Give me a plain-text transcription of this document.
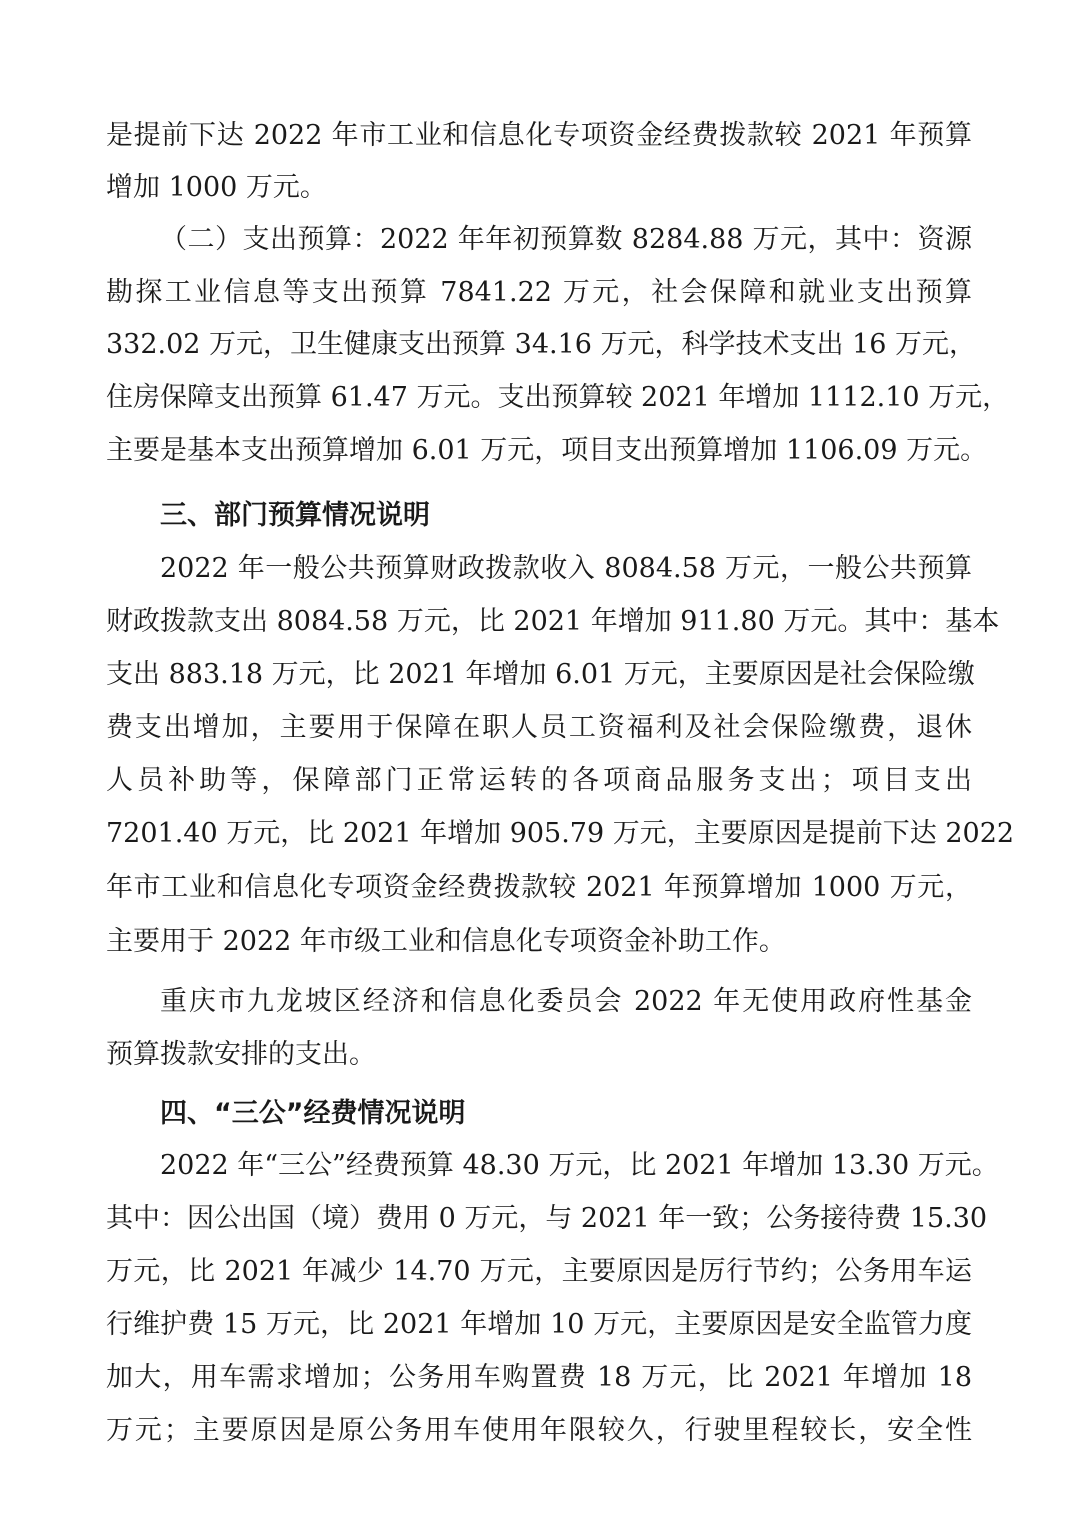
是提前下达 2022 年市工业和信息化专项资金经费拨款较 2021 年预算
增加 1000 万元。
（二）支出预算：2022 年年初预算数 8284.88 万元，其中：资源
勘探工业信息等支出预算 7841.22 万元，社会保障和就业支出预算
332.02 万元，卫生健康支出预算 34.16 万元，科学技术支出 16 万元，
住房保障支出预算 61.47 万元。支出预算较 2021 年增加 1112.10 万元，
主要是基本支出预算增加 6.01 万元，项目支出预算增加 1106.09 万元。
三、部门预算情况说明
2022 年一般公共预算财政拨款收入 8084.58 万元，一般公共预算
财政拨款支出 8084.58 万元，比 2021 年增加 911.80 万元。其中：基本
支出 883.18 万元，比 2021 年增加 6.01 万元，主要原因是社会保险缴
费支出增加，主要用于保障在职人员工资福利及社会保险缴费，退休
人员补助等，保障部门正常运转的各项商品服务支出；项目支出
7201.40 万元，比 2021 年增加 905.79 万元，主要原因是提前下达 2022
年市工业和信息化专项资金经费拨款较 2021 年预算增加 1000 万元，
主要用于 2022 年市级工业和信息化专项资金补助工作。
重庆市九龙坡区经济和信息化委员会 2022 年无使用政府性基金
预算拨款安排的支出。
四、“三公”经费情况说明
2022 年“三公”经费预算 48.30 万元，比 2021 年增加 13.30 万元。
其中：因公出国（境）费用 0 万元，与 2021 年一致；公务接待费 15.30
万元，比 2021 年减少 14.70 万元，主要原因是厉行节约；公务用车运
行维护费 15 万元，比 2021 年增加 10 万元，主要原因是安全监管力度
加大，用车需求增加；公务用车购置费 18 万元，比 2021 年增加 18
万元；主要原因是原公务用车使用年限较久，行驶里程较长，安全性
